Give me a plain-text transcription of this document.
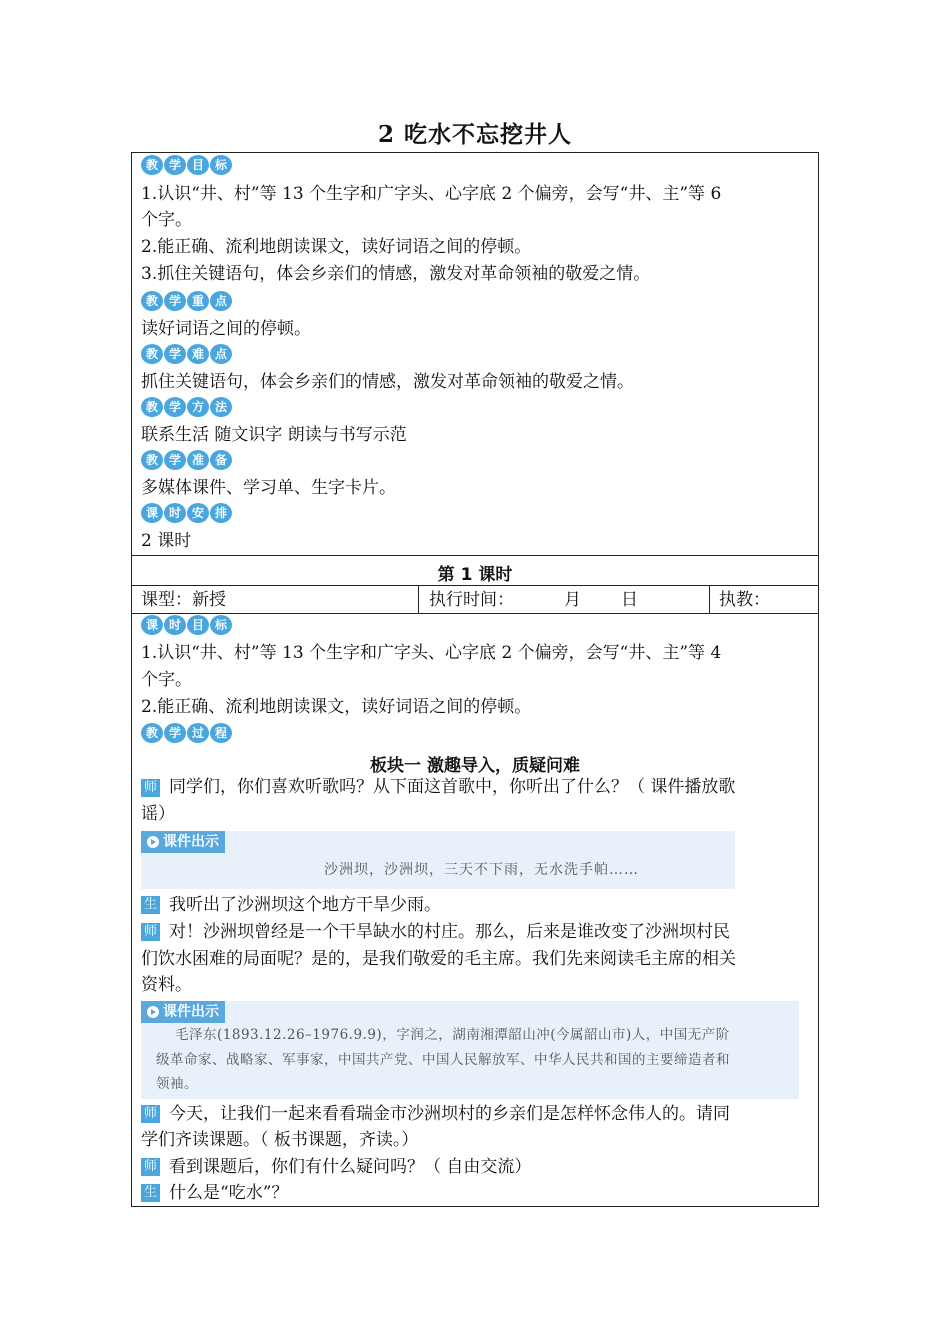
2 吃水不忘挖井人
教 学 目 标
1.认识“井、村”等 13 个生字和广字头、心字底 2 个偏旁，会写“井、主”等 6
个字。
2.能正确、流利地朗读课文，读好词语之间的停顿。
3.抓住关键语句，体会乡亲们的情感，激发对革命领袖的敬爱之情。
教 学 重 点
读好词语之间的停顿。
教 学 难 点
抓住关键语句，体会乡亲们的情感，激发对革命领袖的敬爱之情。
教 学 方 法
联系生活 随文识字 朗读与书写示范
教 学 准 备
多媒体课件、学习单、生字卡片。
课 时 安 排
2 课时
第 1 课时
课型：新授	执行时间：	月 日	执教：
课 时 目 标
1.认识“井、村”等 13 个生字和广字头、心字底 2 个偏旁，会写“井、主”等 4
个字。
2.能正确、流利地朗读课文，读好词语之间的停顿。
教 学 过 程
板块一 激趣导入，质疑问难
师 同学们，你们喜欢听歌吗？从下面这首歌中，你听出了什么？（ 课件播放歌
谣）
课件出示
沙洲坝，沙洲坝，三天不下雨，无水洗手帕……
生 我听出了沙洲坝这个地方干旱少雨。
师 对！沙洲坝曾经是一个干旱缺水的村庄。那么，后来是谁改变了沙洲坝村民
们饮水困难的局面呢？是的，是我们敬爱的毛主席。我们先来阅读毛主席的相关
资料。
课件出示
毛泽东(1893.12.26–1976.9.9)，字润之，湖南湘潭韶山冲(今属韶山市)人，中国无产阶
级革命家、战略家、军事家，中国共产党、中国人民解放军、中华人民共和国的主要缔造者和
领袖。
师 今天，让我们一起来看看瑞金市沙洲坝村的乡亲们是怎样怀念伟人的。请同
学们齐读课题。（ 板书课题，齐读。）
师 看到课题后，你们有什么疑问吗？（ 自由交流）
生 什么是“吃水”？
